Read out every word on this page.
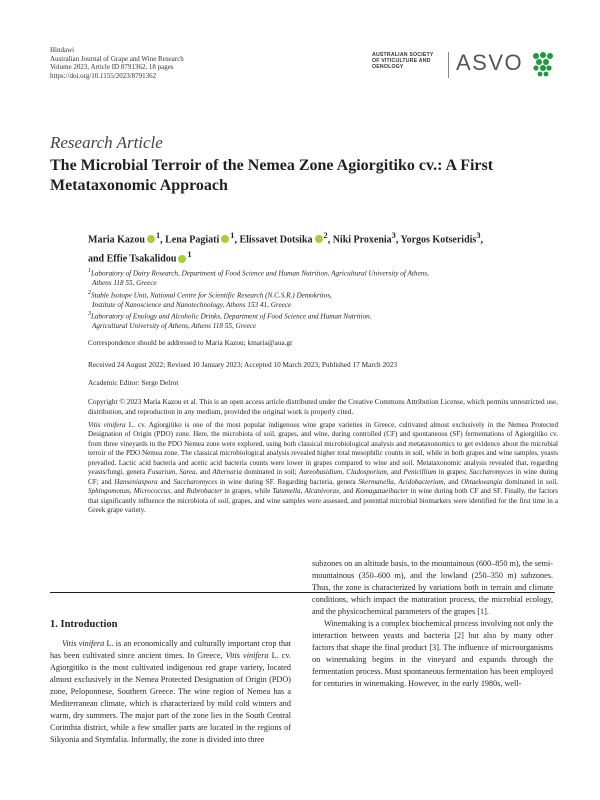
Hindawi
Australian Journal of Grape and Wine Research
Volume 2023, Article ID 8791362, 18 pages
https://doi.org/10.1155/2023/8791362
AUSTRALIAN SOCIETY
OF VITICULTURE AND
OENOLOGY	ASVO
Research Article
The Microbial Terroir of the Nemea Zone Agiorgitiko cv.: A First Metataxonomic Approach
Maria Kazou $^1$, Lena Pagiati $^1$, Elissavet Dotsika $^2$, Niki Proxenia$^3$, Yorgos Kotseridis$^3$,
and Effie Tsakalidou $^1$

$^1$Laboratory of Dairy Research, Department of Food Science and Human Nutrition, Agricultural University of Athens,

Athens 118 55, Greece

$^2$Stable Isotope Unit, National Centre for Scientific Research (N.C.S.R.) Demokritos,

Institute of Nanoscience and Nanotechnology, Athens 153 41, Greece

$^3$Laboratory of Enology and Alcoholic Drinks, Department of Food Science and Human Nutrition,

Agricultural University of Athens, Athens 118 55, Greece

Correspondence should be addressed to Maria Kazou; kmaria@aua.gr
Received 24 August 2022; Revised 10 January 2023; Accepted 10 March 2023; Published 17 March 2023
Academic Editor: Serge Delrot
Copyright © 2023 Maria Kazou et al. This is an open access article distributed under the Creative Commons Attribution License, which permits unrestricted use, distribution, and reproduction in any medium, provided the original work is properly cited.
Vitis vinifera L. cv. Agiorgitiko is one of the most popular indigenous wine grape varieties in Greece, cultivated almost exclusively in the Nemea Protected Designation of Origin (PDO) zone. Here, the microbiota of soil, grapes, and wine, during controlled (CF) and spontaneous (SF) fermentations of Agiorgitiko cv. from three vineyards in the PDO Nemea zone were explored, using both classical microbiological analysis and metataxonomics to get evidence about the microbial terroir of the PDO Nemea zone. The classical microbiological analysis revealed higher total mesophilic counts in soil, while in both grapes and wine samples, yeasts prevailed. Lactic acid bacteria and acetic acid bacteria counts were lower in grapes compared to wine and soil. Metataxonomic analysis revealed that, regarding yeasts/fungi, genera Fusarium, Sarea, and Alternaria dominated in soil; Aureobasidium, Cladosporium, and Penicillium in grapes; Saccharomyces in wine during CF; and Hanseniaspora and Saccharomyces in wine during SF. Regarding bacteria, genera Skermanella, Acidobacterium, and Ohtaekwangia dominated in soil, Sphingomonas, Micrococcus, and Rubrobacter in grapes, while Tatumella, Alcanivorax, and Komagataeibacter in wine during both CF and SF. Finally, the factors that significantly influence the microbiota of soil, grapes, and wine samples were assessed, and potential microbial biomarkers were identified for the first time in a Greek grape variety.
1. Introduction

Vitis vinifera L. is an economically and culturally important crop that has been cultivated since ancient times. In Greece, Vitis vinifera L. cv. Agiorgitiko is the most cultivated indigenous red grape variety, located almost exclusively in the Nemea Protected Designation of Origin (PDO) zone, Peloponnese, Southern Greece. The wine region of Nemea has a Mediterranean climate, which is characterized by mild cold winters and warm, dry summers. The major part of the zone lies in the South Central Corinthia district, while a few smaller parts are located in the regions of Sikyonia and Stymfalia. Informally, the zone is divided into three

subzones on an altitude basis, to the mountainous (600–850 m), the semi-mountainous (350–600 m), and the lowland (250–350 m) subzones. Thus, the zone is characterized by variations both in terrain and climate conditions, which impact the maturation process, the microbial ecology, and the physicochemical parameters of the grapes [1].

Winemaking is a complex biochemical process involving not only the interaction between yeasts and bacteria [2] but also by many other factors that shape the final product [3]. The influence of microorganisms on winemaking begins in the vineyard and expands through the fermentation process. Must spontaneous fermentation has been employed for centuries in winemaking. However, in the early 1980s, well-
